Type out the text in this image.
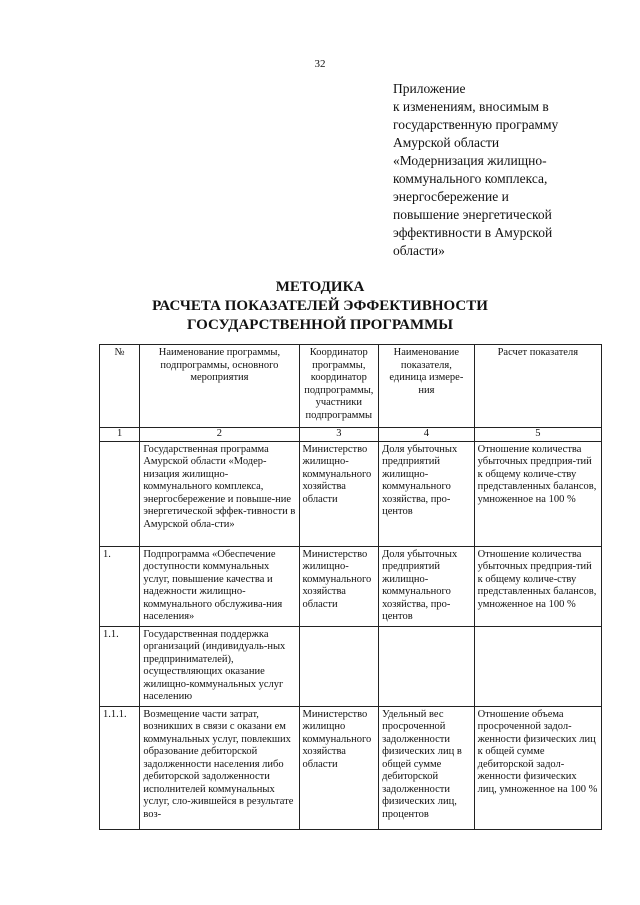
32
Приложение
к изменениям, вносимым в
государственную программу
Амурской области
«Модернизация жилищно-
коммунального комплекса,
энергосбережение и
повышение энергетической
эффективности в Амурской
области»
МЕТОДИКА
РАСЧЕТА ПОКАЗАТЕЛЕЙ ЭФФЕКТИВНОСТИ
ГОСУДАРСТВЕННОЙ ПРОГРАММЫ
№	Наименование программы, подпрограммы, основного мероприятия	Координатор программы, координатор подпрограммы, участники подпрограммы	Наименование показателя, единица измере-ния	Расчет показателя
1	2	3	4	5
	Государственная программа Амурской области «Модер-низация жилищно-коммунального комплекса, энергосбережение и повыше-ние энергетической эффек-тивности в Амурской обла-сти»	Министерство жилищно-коммунального хозяйства области	Доля убыточных предприятий жилищно-коммунального хозяйства, про-центов	Отношение количества убыточных предприя-тий к общему количе-ству представленных балансов, умноженное на 100 %
1.	Подпрограмма «Обеспечение доступности коммунальных услуг, повышение качества и надежности жилищно-коммунального обслужива-ния населения»	Министерство жилищно-коммунального хозяйства области	Доля убыточных предприятий жилищно-коммунального хозяйства, про-центов	Отношение количества убыточных предприя-тий к общему количе-ству представленных балансов, умноженное на 100 %
1.1.	Государственная поддержка организаций (индивидуаль-ных предпринимателей), осуществляющих оказание жилищно-коммунальных услуг населению			
1.1.1.	Возмещение части затрат, возникших в связи с оказани ем коммунальных услуг, повлекших образование дебиторской задолженности населения либо дебиторской задолженности исполнителей коммунальных услуг, сло-жившейся в результате воз-	Министерство жилищно коммунального хозяйства области	Удельный вес просроченной задолженности физических лиц в общей сумме дебиторской задолженности физических лиц, процентов	Отношение объема просроченной задол-женности физических лиц к общей сумме дебиторской задол-женности физических лиц, умноженное на 100 %
